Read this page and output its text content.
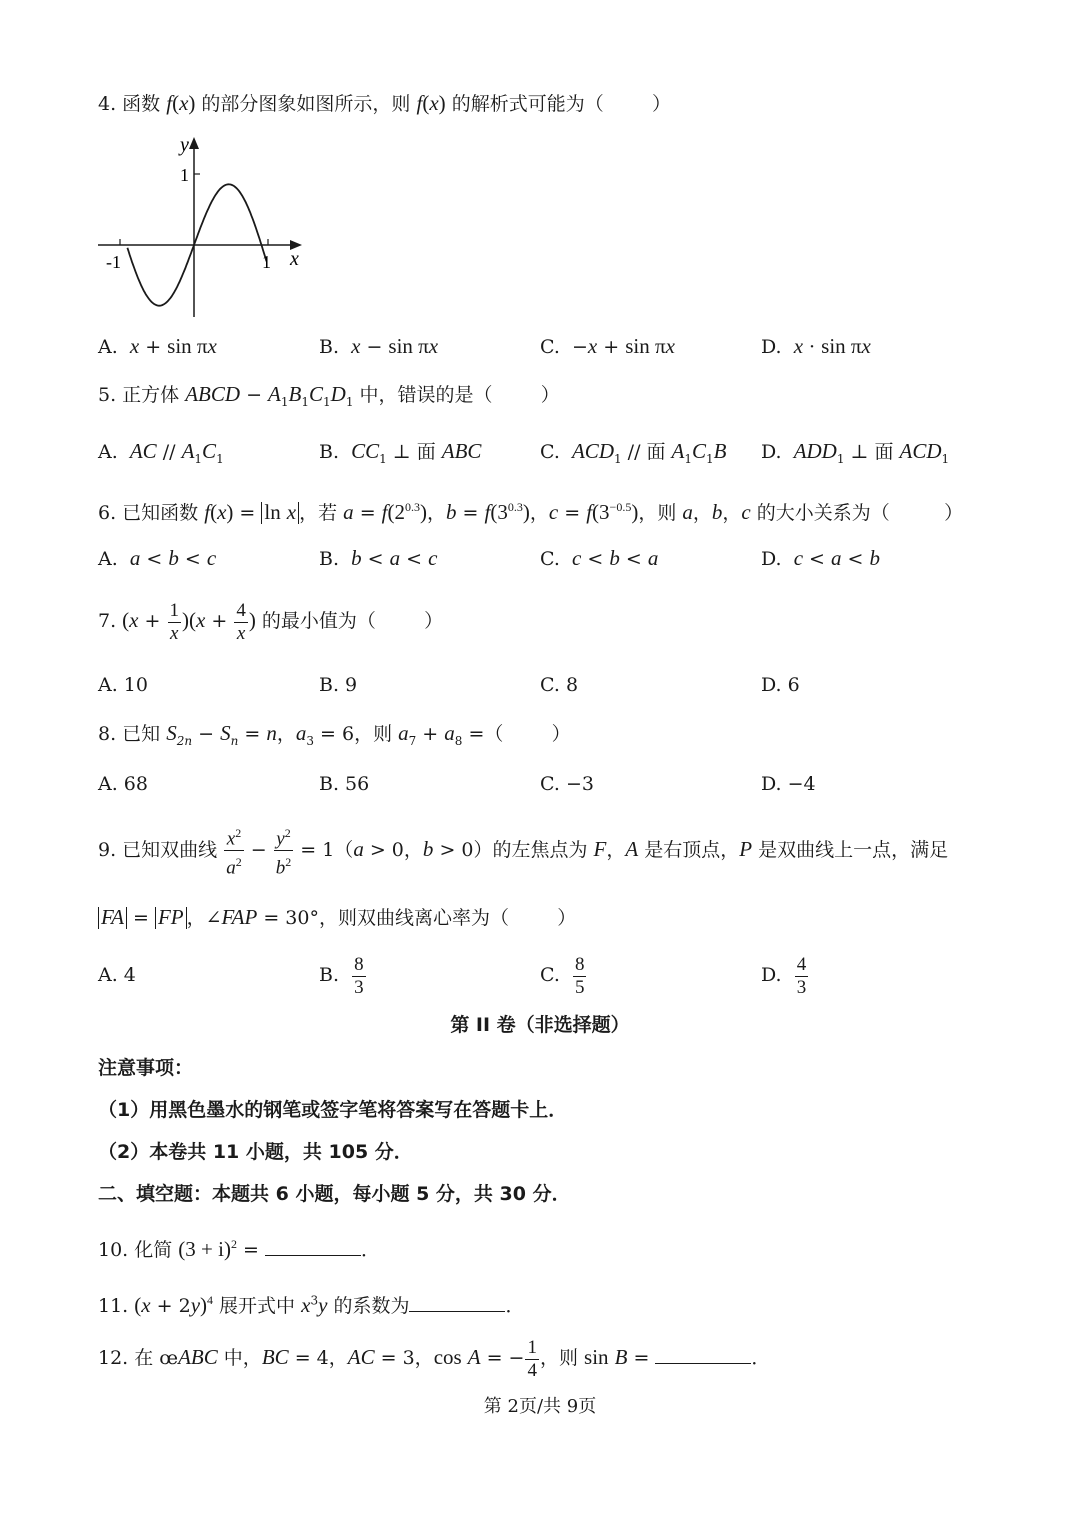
4. 函数 f(x) 的部分图象如图所示，则 f(x) 的解析式可能为（        ）
y
1
-1	1 x
A.  x + sin πx	B.  x − sin πx	C.  −x + sin πx	D.  x · sin πx
5. 正方体 ABCD − $A_1B_1C_1D_1$ 中，错误的是（        ）
A.  AC // $A_1C_1$	B.  $CC_1$ ⊥ 面 ABC	C.  $ACD_1$ // 面 $A_1C_1B$ D.  $ADD_1$ ⊥ 面 $ACD_1$
6. 已知函数 f(x) = ln x ，若 $a = f(2^{0.3})$，$b = f(3^{0.3})$，$c = f(3^{-0.5})$，则 a，b，c 的大小关系为（         ）
A.  a < b < c	B.  b < a < c	C.  c < b < a	D.  c < a < b
7. $(x + \frac{1}{x} )(x + \frac{4}{x}$ ) 的最小值为（        ）
A. 10	B. 9	C. 8	D. 6
8. 已知 $S_{2n} - S_n = n$，$a_3 = 6$，则 $a_7 + a_8$ =（        ）
A. 68	B. 56	C. −3	D. −4
9. 已知双曲线 $\frac{x^2}{a^2} - \frac{y^2}{b^2} = 1(a > 0$，b > 0）的左焦点为 F，A 是右顶点，P 是双曲线上一点，满足
FA = FP ，∠FAP = 30°，则双曲线离心率为（        ）
A. 4	B. $\frac{8}{3}$	C. $\frac{8}{5}$	D. $\frac{4}{3}$
第 II 卷（非选择题）
注意事项：
（1）用黑色墨水的钢笔或签字笔将答案写在答题卡上．
（2）本卷共 11 小题，共 105 分．
二、填空题：本题共 6 小题，每小题 5 分，共 30 分．
10. 化简 $(3 + i)^2$ =	．
11. $(x + 2y)^4$ 展开式中 $x^3y$ 的系数为	．
12. 在 œABC 中，BC = 4，AC = 3，cos A = − $\frac{1}{4}$ ，则 sin B =	．
第 2页/共 9页
